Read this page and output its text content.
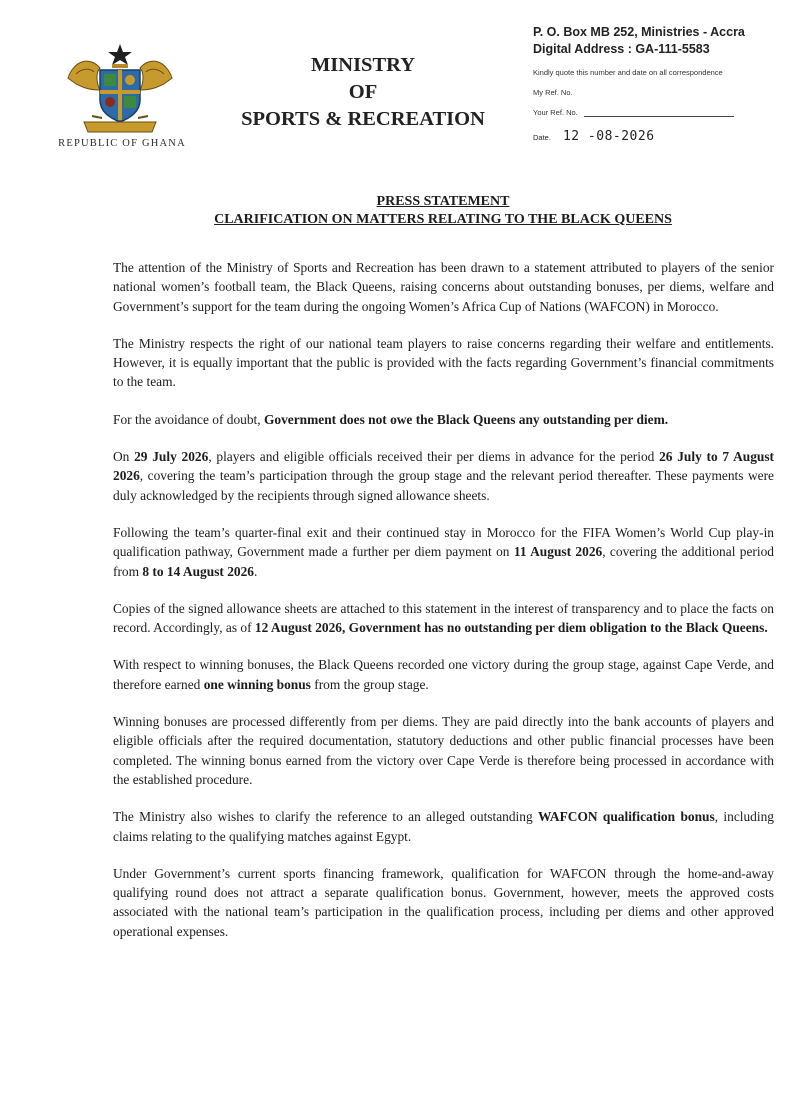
REPUBLIC OF GHANA
MINISTRY
OF
SPORTS & RECREATION
P. O. Box MB 252, Ministries - Accra
Digital Address : GA-111-5583
Kindly quote this number and date on all correspondence
My Ref. No.
Your Ref. No.
Date. 12 -08-2026
PRESS STATEMENT
CLARIFICATION ON MATTERS RELATING TO THE BLACK QUEENS

The attention of the Ministry of Sports and Recreation has been drawn to a statement attributed to players of the senior national women’s football team, the Black Queens, raising concerns about outstanding bonuses, per diems, welfare and Government’s support for the team during the ongoing Women’s Africa Cup of Nations (WAFCON) in Morocco.

The Ministry respects the right of our national team players to raise concerns regarding their welfare and entitlements. However, it is equally important that the public is provided with the facts regarding Government’s financial commitments to the team.

For the avoidance of doubt, Government does not owe the Black Queens any outstanding per diem.

On 29 July 2026, players and eligible officials received their per diems in advance for the period 26 July to 7 August 2026, covering the team’s participation through the group stage and the relevant period thereafter. These payments were duly acknowledged by the recipients through signed allowance sheets.

Following the team’s quarter-final exit and their continued stay in Morocco for the FIFA Women’s World Cup play-in qualification pathway, Government made a further per diem payment on 11 August 2026, covering the additional period from 8 to 14 August 2026.

Copies of the signed allowance sheets are attached to this statement in the interest of transparency and to place the facts on record. Accordingly, as of 12 August 2026, Government has no outstanding per diem obligation to the Black Queens.

With respect to winning bonuses, the Black Queens recorded one victory during the group stage, against Cape Verde, and therefore earned one winning bonus from the group stage.

Winning bonuses are processed differently from per diems. They are paid directly into the bank accounts of players and eligible officials after the required documentation, statutory deductions and other public financial processes have been completed. The winning bonus earned from the victory over Cape Verde is therefore being processed in accordance with the established procedure.

The Ministry also wishes to clarify the reference to an alleged outstanding WAFCON qualification bonus, including claims relating to the qualifying matches against Egypt.

Under Government’s current sports financing framework, qualification for WAFCON through the home-and-away qualifying round does not attract a separate qualification bonus. Government, however, meets the approved costs associated with the national team’s participation in the qualification process, including per diems and other approved operational expenses.
